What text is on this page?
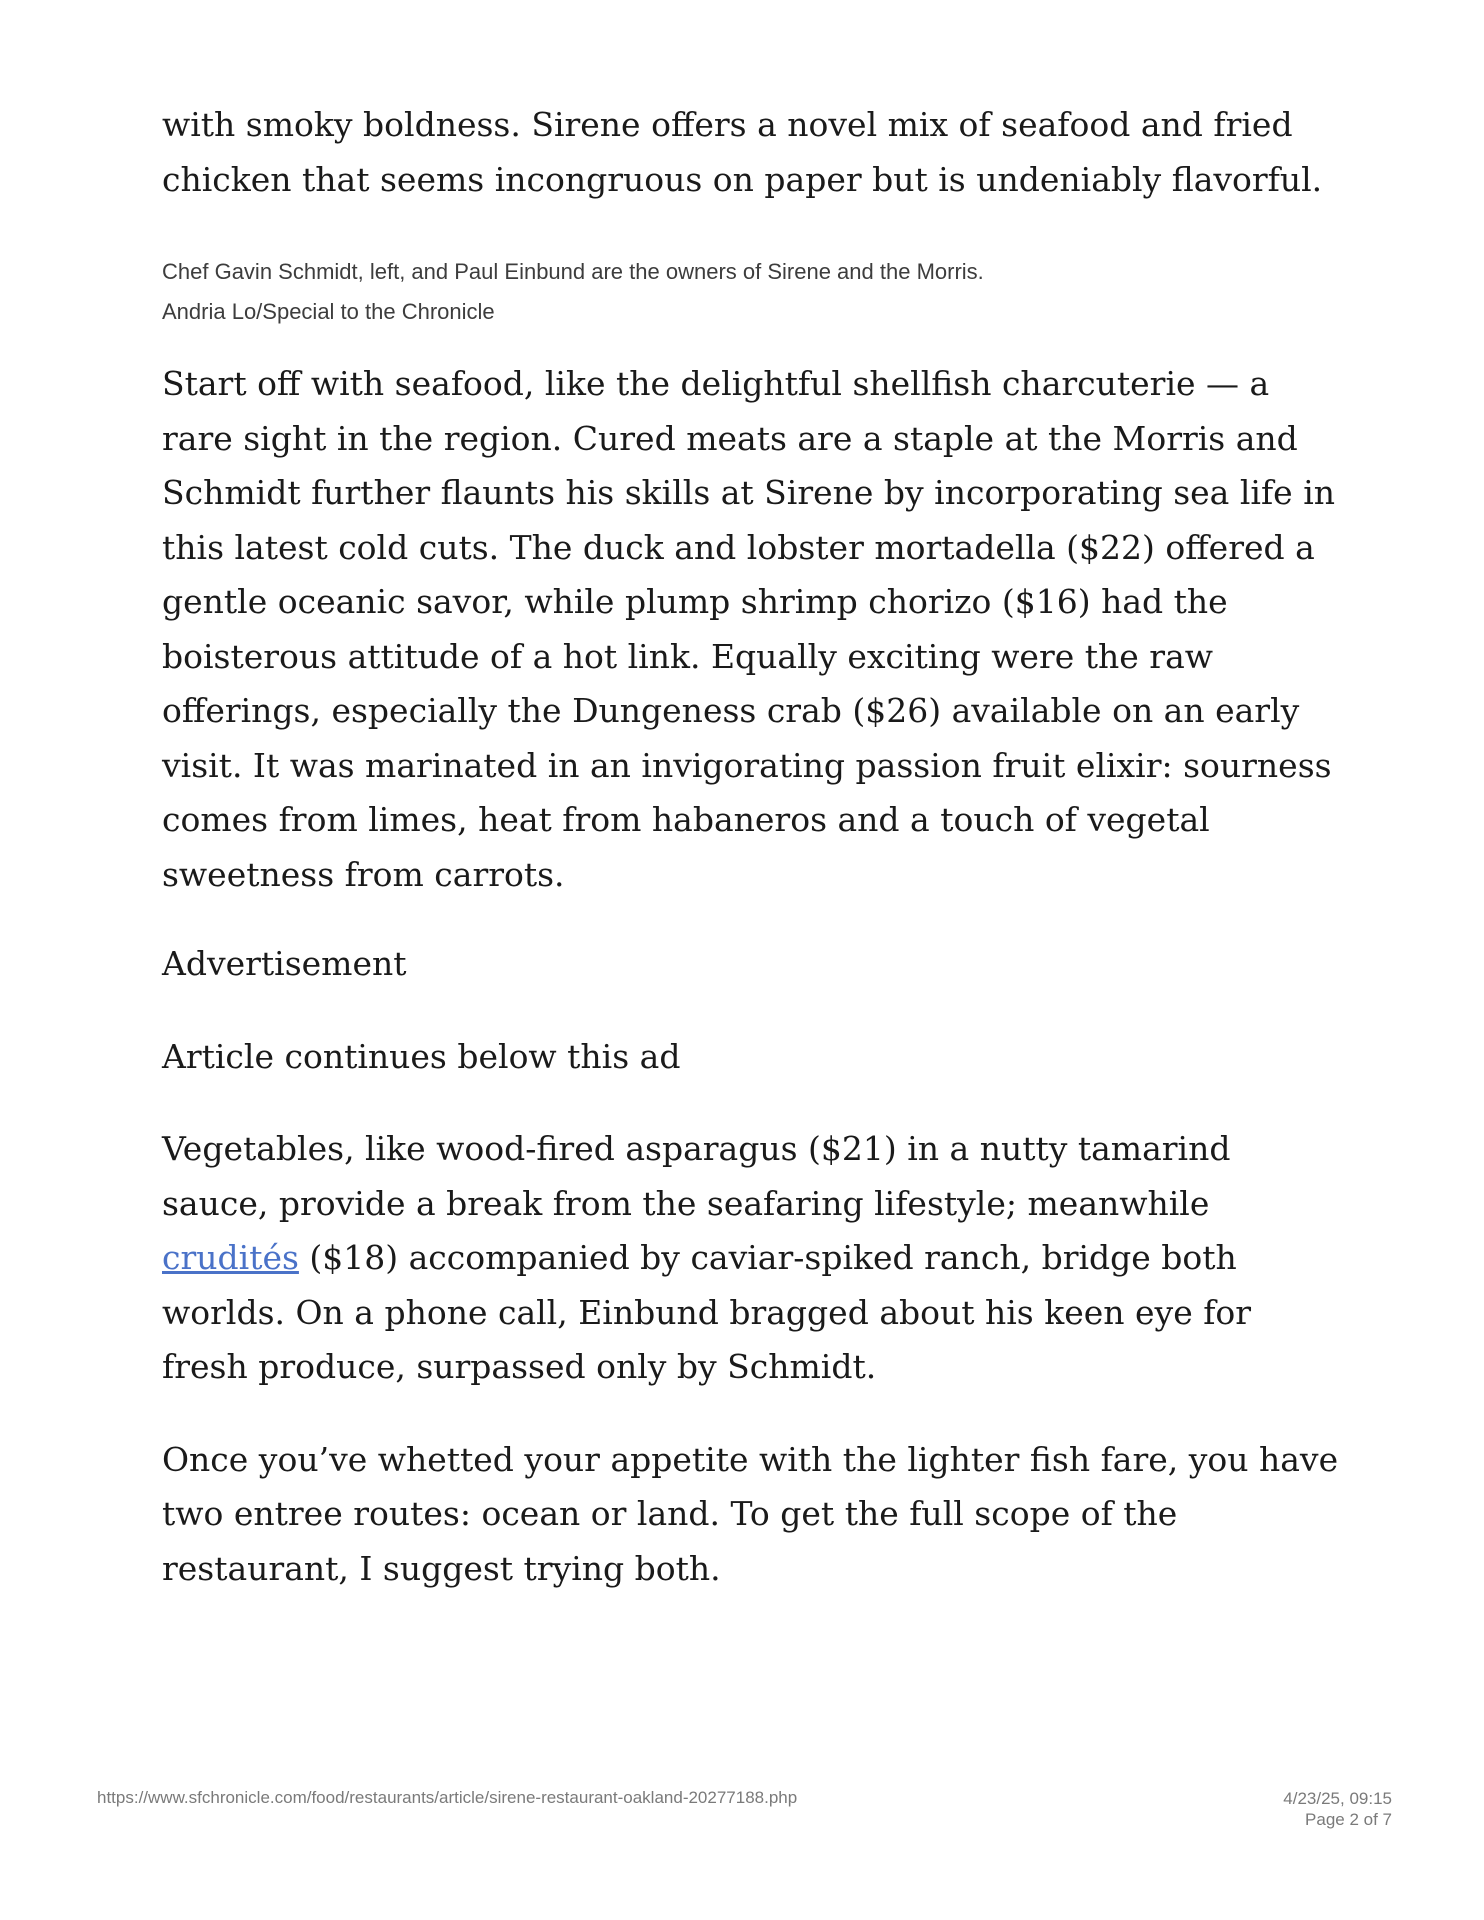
with smoky boldness. Sirene offers a novel mix of seafood and fried chicken that seems incongruous on paper but is undeniably flavorful.

Chef Gavin Schmidt, left, and Paul Einbund are the owners of Sirene and the Morris.

Andria Lo/Special to the Chronicle

Start off with seafood, like the delightful shellfish charcuterie — a rare sight in the region. Cured meats are a staple at the Morris and Schmidt further flaunts his skills at Sirene by incorporating sea life in this latest cold cuts. The duck and lobster mortadella ($22) offered a gentle oceanic savor, while plump shrimp chorizo ($16) had the boisterous attitude of a hot link. Equally exciting were the raw offerings, especially the Dungeness crab ($26) available on an early visit. It was marinated in an invigorating passion fruit elixir: sourness comes from limes, heat from habaneros and a touch of vegetal sweetness from carrots.

Advertisement

Article continues below this ad

Vegetables, like wood-fired asparagus ($21) in a nutty tamarind sauce, provide a break from the seafaring lifestyle; meanwhile crudités ($18) accompanied by caviar-spiked ranch, bridge both worlds. On a phone call, Einbund bragged about his keen eye for fresh produce, surpassed only by Schmidt.

Once you’ve whetted your appetite with the lighter fish fare, you have two entree routes: ocean or land. To get the full scope of the restaurant, I suggest trying both.

https://www.sfchronicle.com/food/restaurants/article/sirene-restaurant-oakland-20277188.php	4/23/25, 09:15
Page 2 of 7
